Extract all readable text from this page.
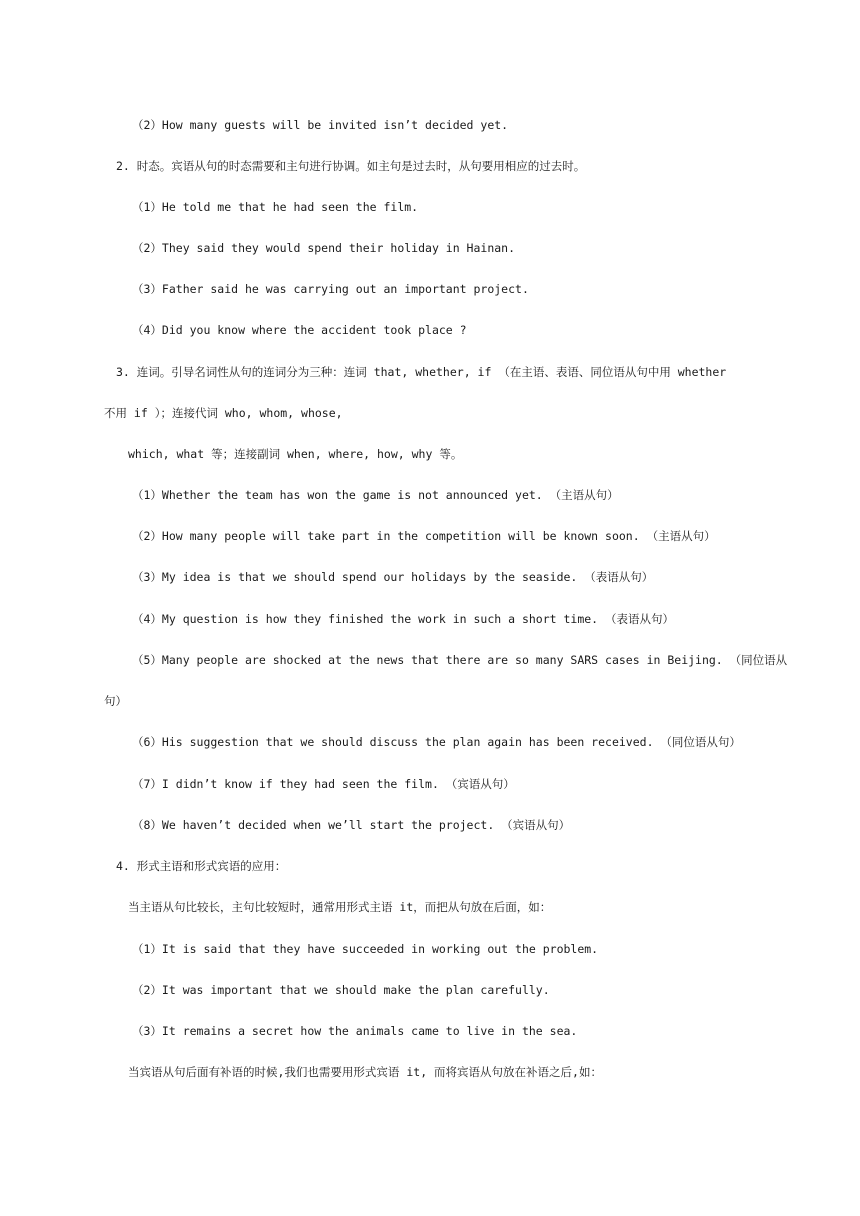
（2）How many guests will be invited isn’t decided yet.
2. 时态。宾语从句的时态需要和主句进行协调。如主句是过去时，从句要用相应的过去时。
（1）He told me that he had seen the film.
（2）They said they would spend their holiday in Hainan.
（3）Father said he was carrying out an important project.
（4）Did you know where the accident took place ?
3. 连词。引导名词性从句的连词分为三种：连词 that, whether, if （在主语、表语、同位语从句中用 whether
不用 if ）；连接代词 who, whom, whose,
which, what 等；连接副词 when, where, how, why 等。
（1）Whether the team has won the game is not announced yet. （主语从句）
（2）How many people will take part in the competition will be known soon. （主语从句）
（3）My idea is that we should spend our holidays by the seaside. （表语从句）
（4）My question is how they finished the work in such a short time. （表语从句）
（5）Many people are shocked at the news that there are so many SARS cases in Beijing. （同位语从
句）
（6）His suggestion that we should discuss the plan again has been received. （同位语从句）
（7）I didn’t know if they had seen the film. （宾语从句）
（8）We haven’t decided when we’ll start the project. （宾语从句）
4. 形式主语和形式宾语的应用：
当主语从句比较长，主句比较短时，通常用形式主语 it，而把从句放在后面，如：
（1）It is said that they have succeeded in working out the problem.
（2）It was important that we should make the plan carefully.
（3）It remains a secret how the animals came to live in the sea.
当宾语从句后面有补语的时候,我们也需要用形式宾语 it, 而将宾语从句放在补语之后,如：
